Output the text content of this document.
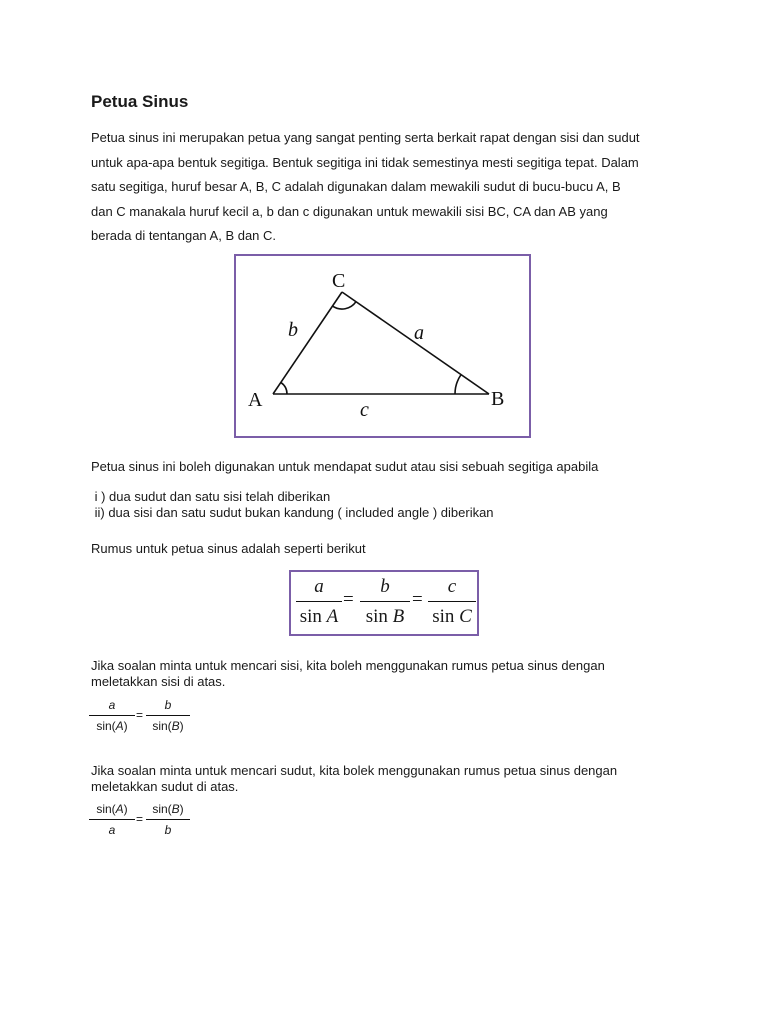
Petua Sinus
Petua sinus ini merupakan petua yang sangat penting serta berkait rapat dengan sisi dan sudut
untuk apa-apa bentuk segitiga. Bentuk segitiga ini tidak semestinya mesti segitiga tepat. Dalam
satu segitiga, huruf besar A, B, C adalah digunakan dalam mewakili sudut di bucu-bucu A, B
dan C manakala huruf kecil a, b dan c digunakan untuk mewakili sisi BC, CA dan AB yang
berada di tentangan A, B dan C.
A	B
C
a
b
c

Petua sinus ini boleh digunakan untuk mendapat sudut atau sisi sebuah segitiga apabila

i ) dua sudut dan satu sisi telah diberikan
ii) dua sisi dan satu sudut bukan kandung ( included angle ) diberikan

Rumus untuk petua sinus adalah seperti berikut

a
sin A
=
b
sin B
=
c
sin C
Jika soalan minta untuk mencari sisi, kita boleh menggunakan rumus petua sinus dengan
meletakkan sisi di atas.
a
sin(A)
=
b
sin(B)
Jika soalan minta untuk mencari sudut, kita bolek menggunakan rumus petua sinus dengan
meletakkan sudut di atas.
sin(A)
a
=
sin(B)
b
